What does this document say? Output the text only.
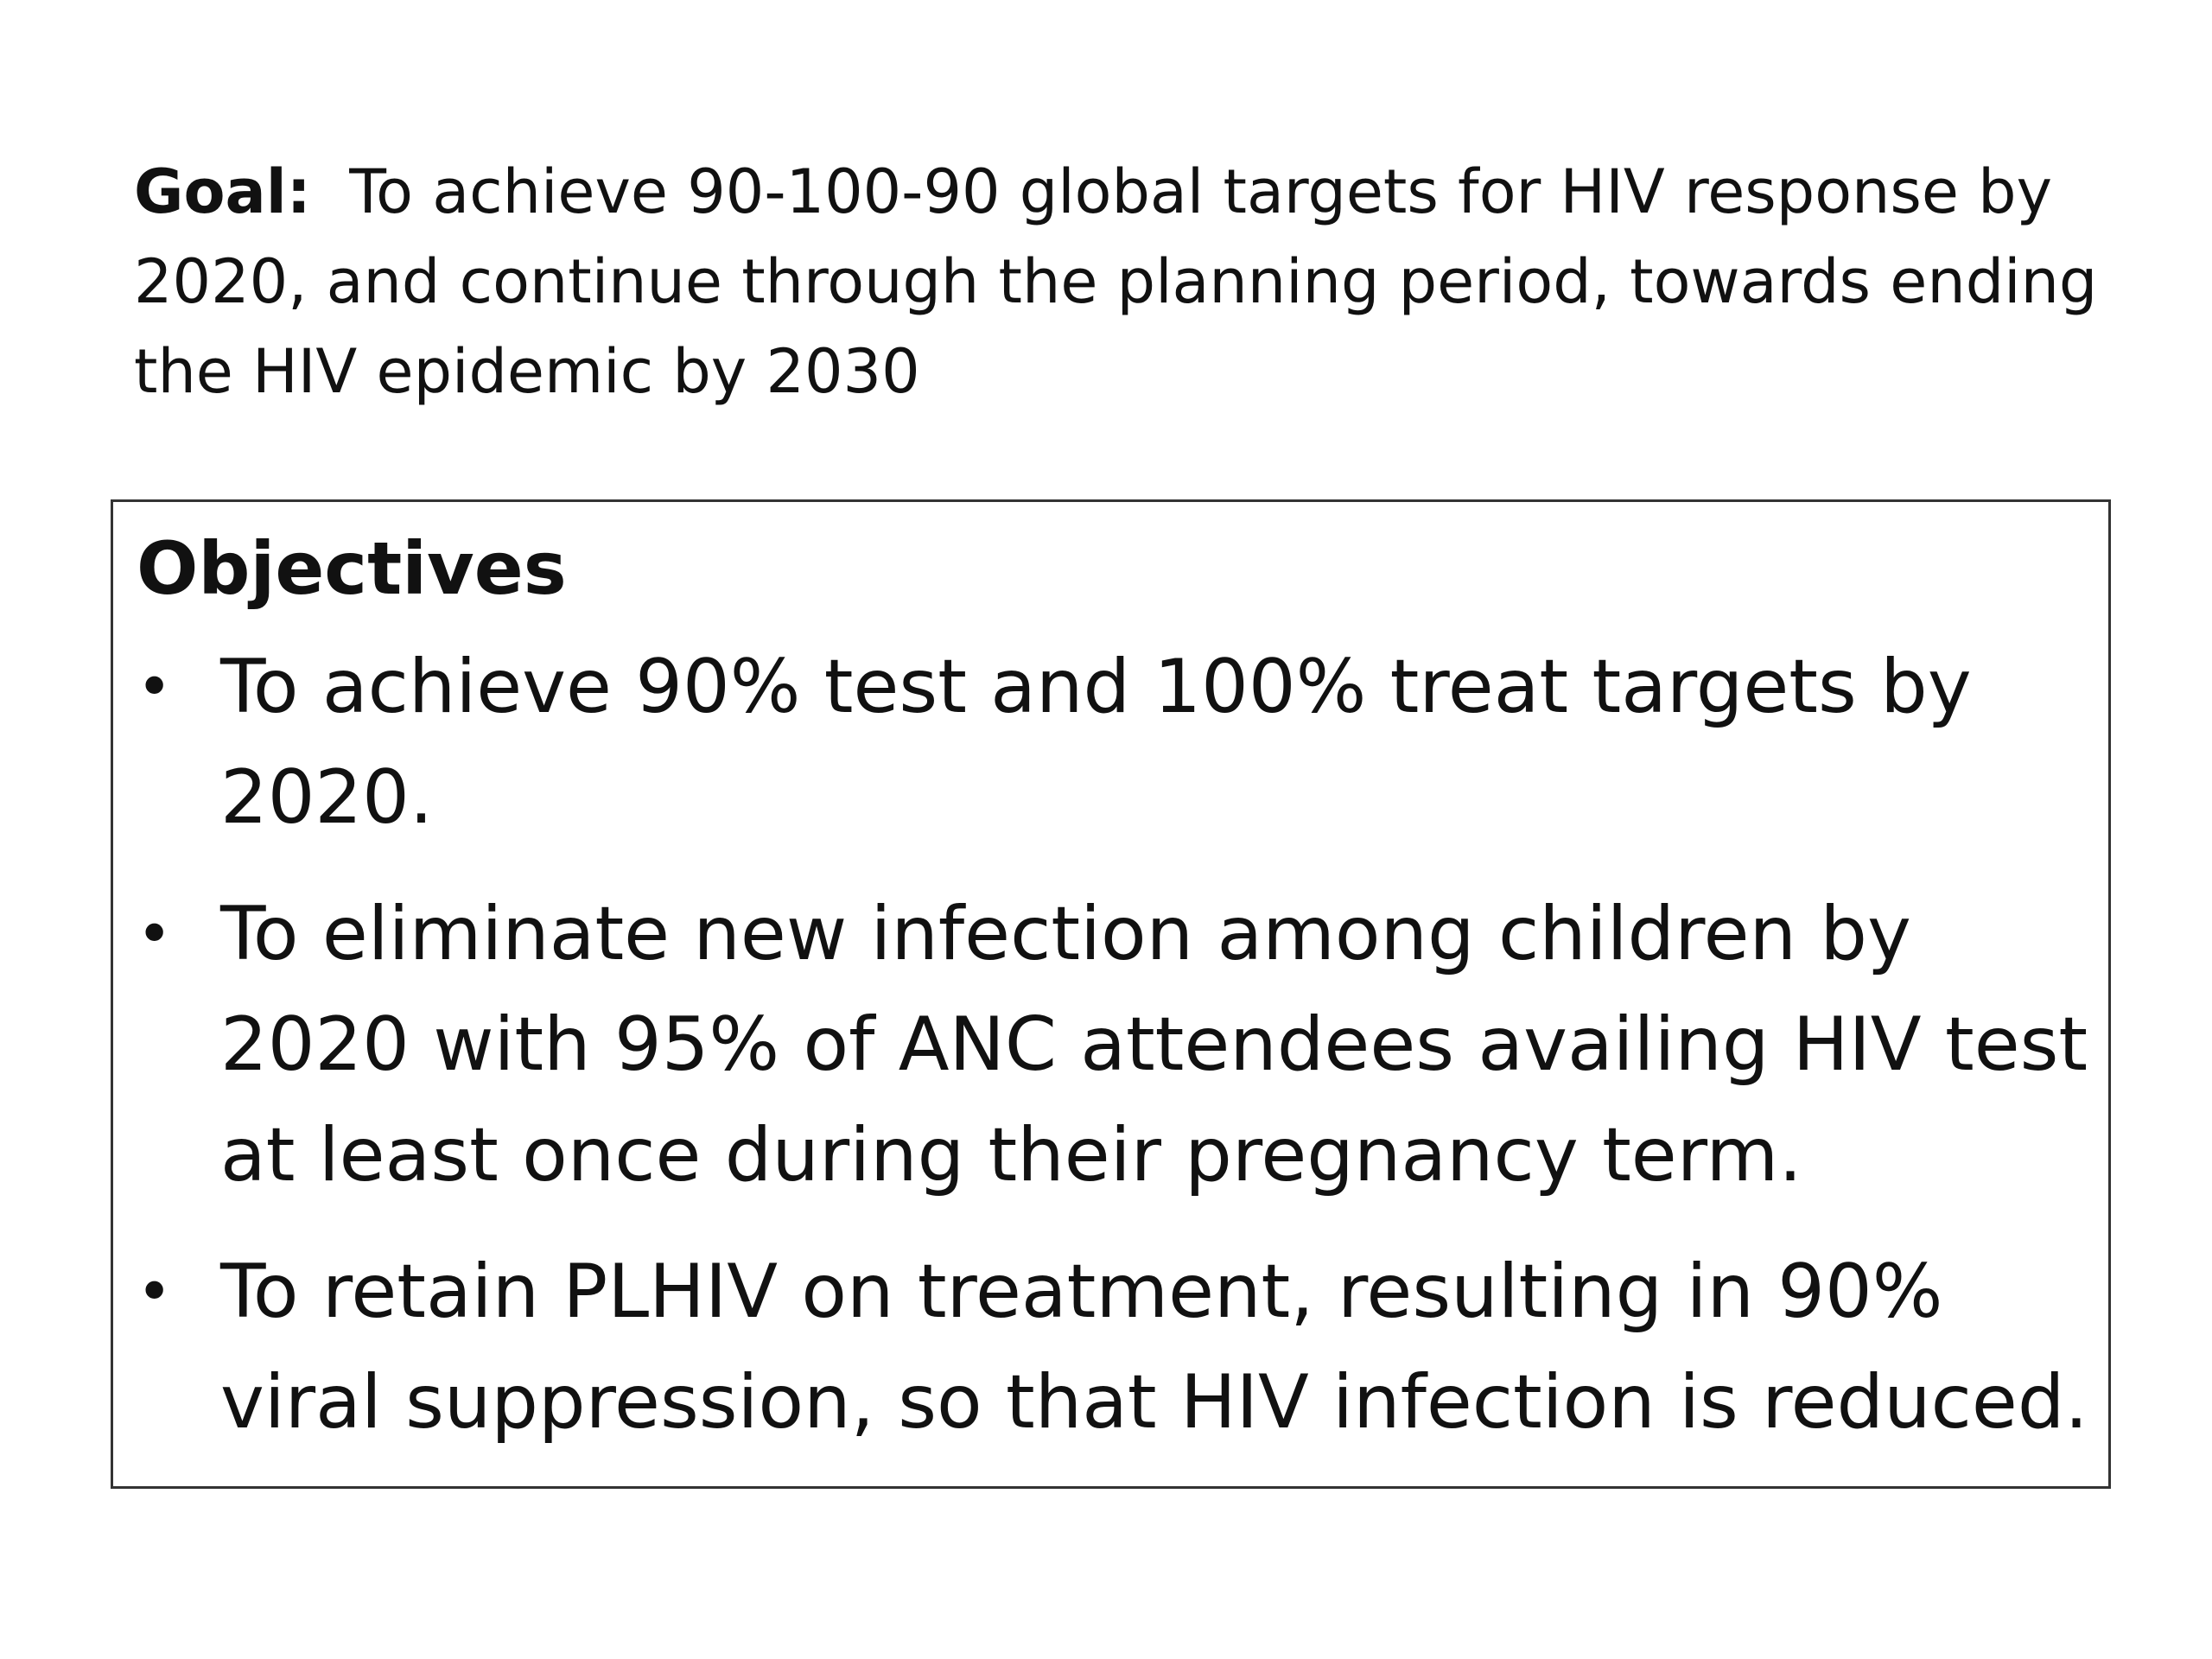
Goal: To achieve 90-100-90 global targets for HIV response by 2020, and continue through the planning period, towards ending the HIV epidemic by 2030

Objectives
• To achieve 90% test and 100% treat targets by 2020.
• To eliminate new infection among children by 2020 with 95% of ANC attendees availing HIV test at least once during their pregnancy term.
• To retain PLHIV on treatment, resulting in 90% viral suppression, so that HIV infection is reduced.
